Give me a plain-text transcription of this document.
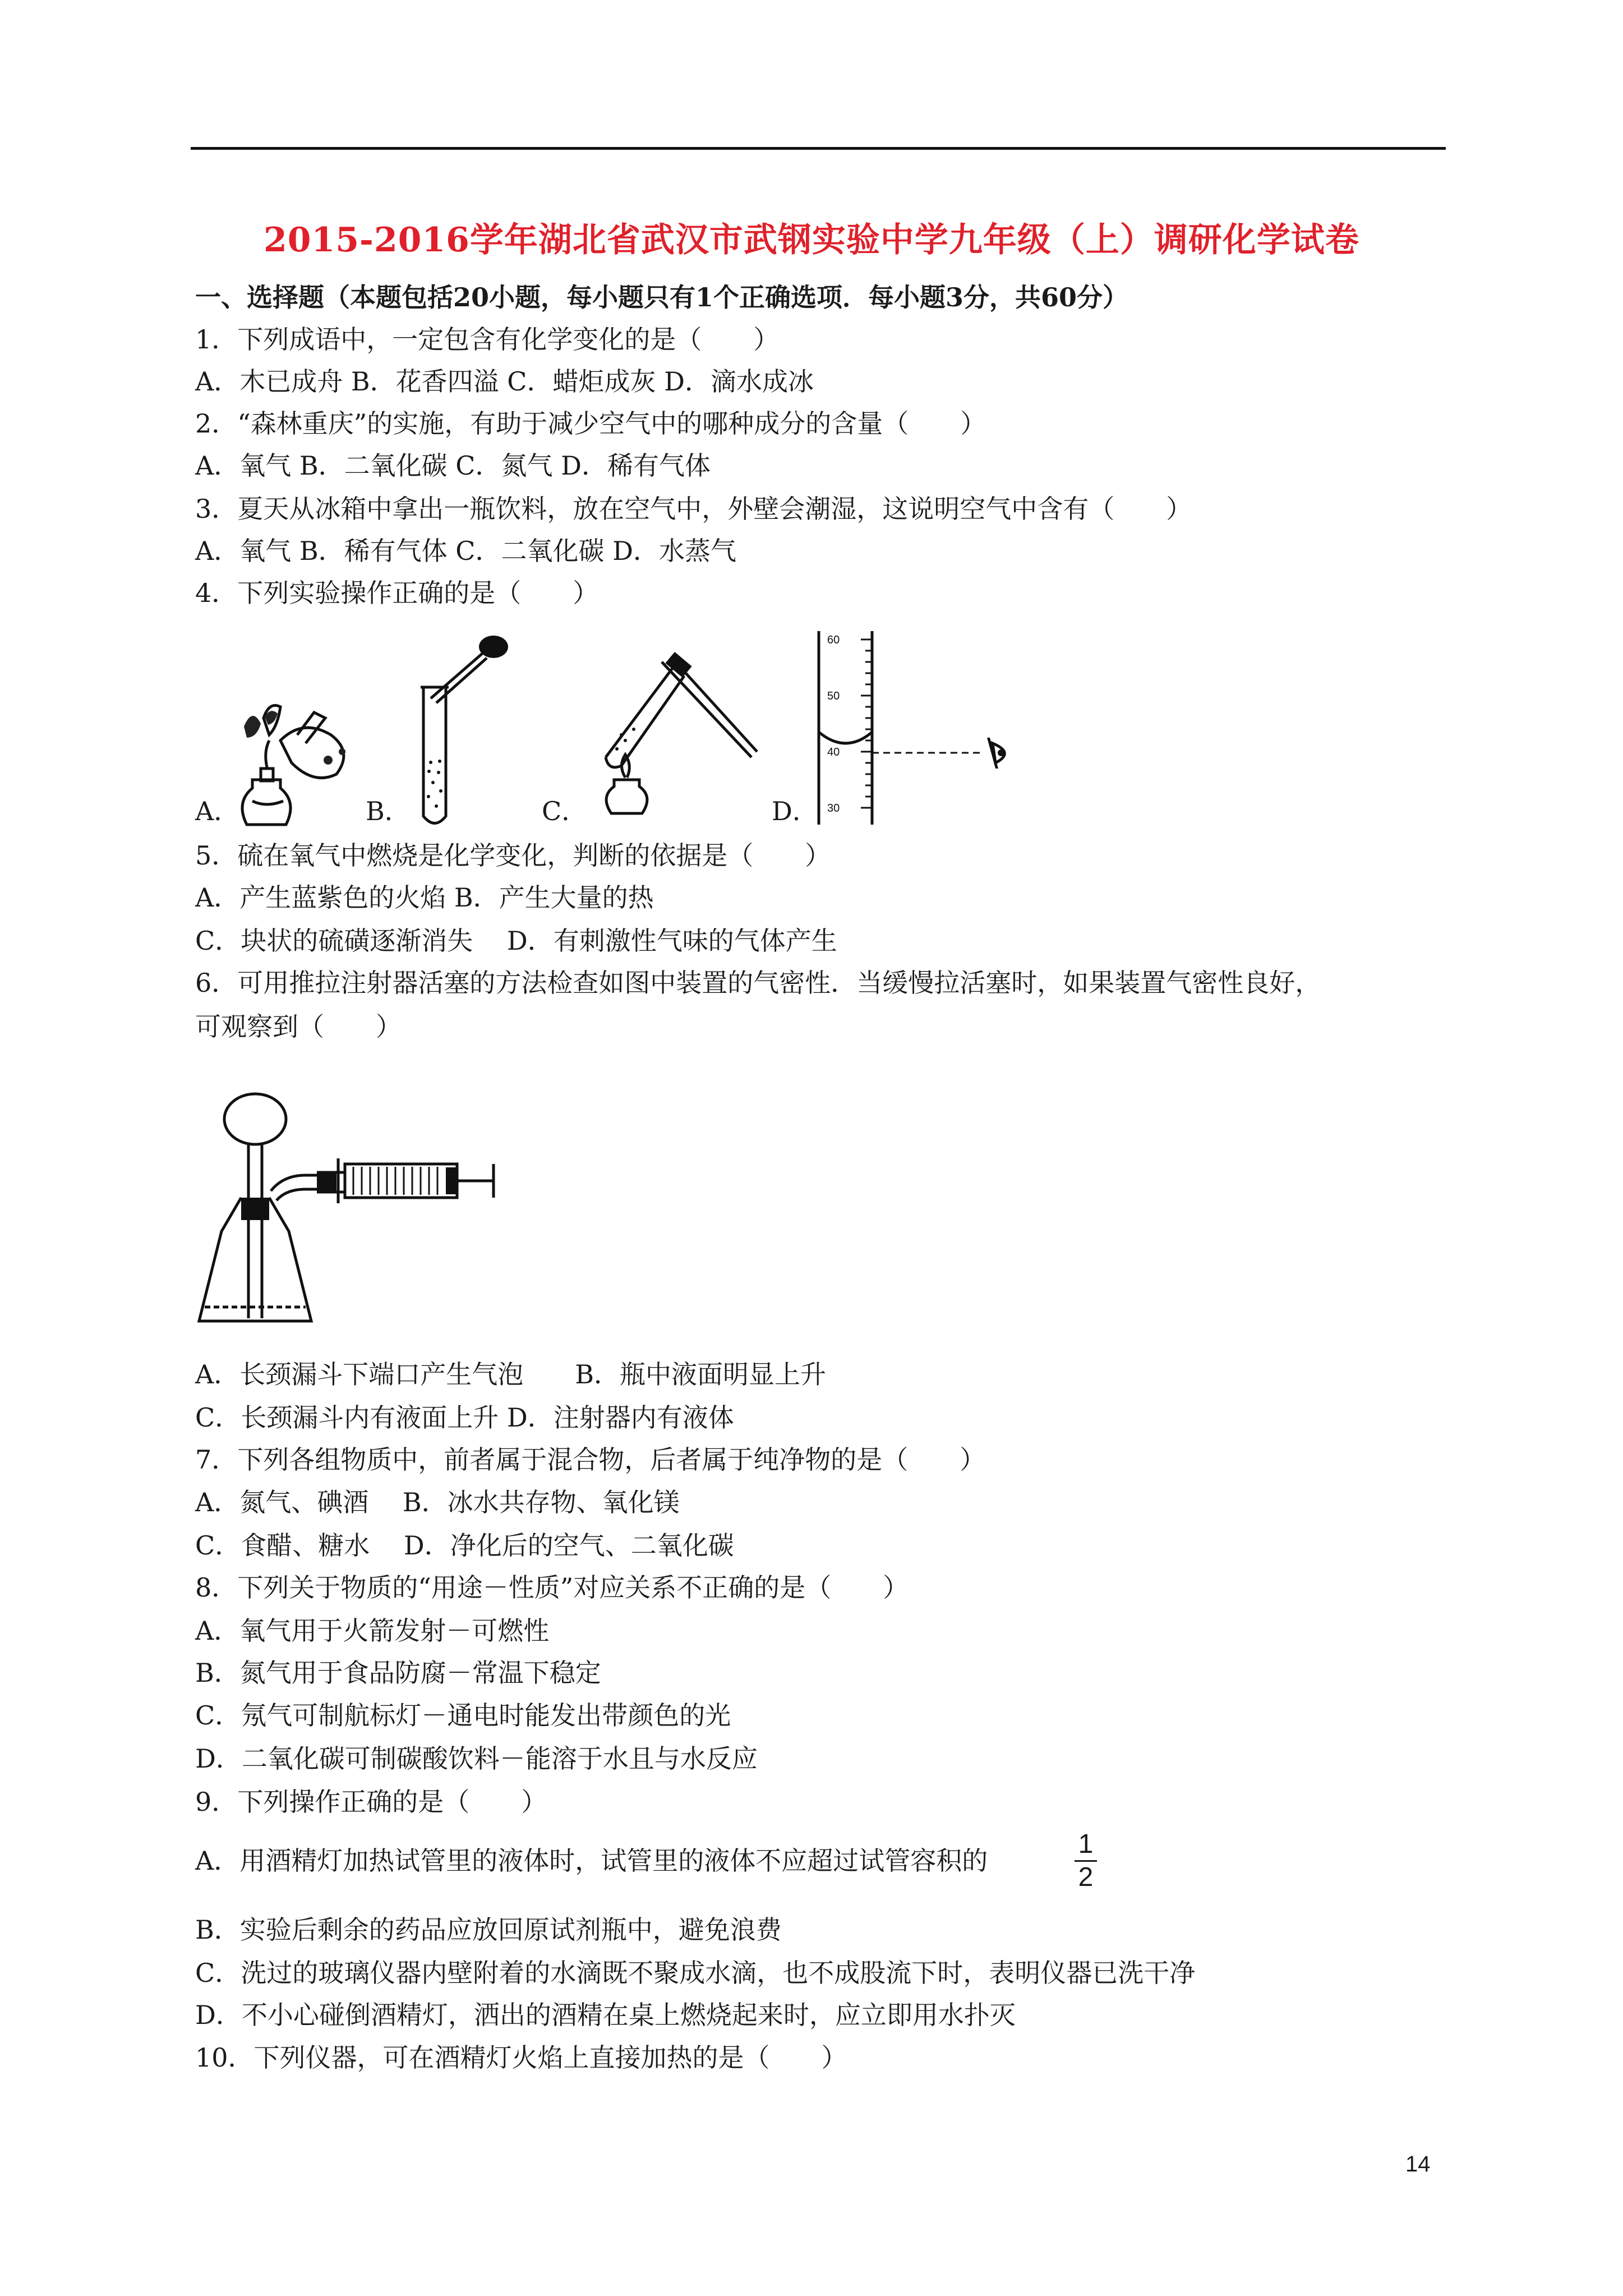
2015-2016学年湖北省武汉市武钢实验中学九年级（上）调研化学试卷
一、选择题（本题包括20小题，每小题只有1个正确选项．每小题3分，共60分）
1．下列成语中，一定包含有化学变化的是（　　）
A．木已成舟 B．花香四溢 C．蜡炬成灰 D．滴水成冰
2．“森林重庆”的实施，有助于减少空气中的哪种成分的含量（　　）
A．氧气 B．二氧化碳 C．氮气 D．稀有气体
3．夏天从冰箱中拿出一瓶饮料，放在空气中，外壁会潮湿，这说明空气中含有（　　）
A．氧气 B．稀有气体 C．二氧化碳 D．水蒸气
4．下列实验操作正确的是（　　）
A．	B．	C．	D．
60
50
40
30
5．硫在氧气中燃烧是化学变化，判断的依据是（　　）
A．产生蓝紫色的火焰 B．产生大量的热
C．块状的硫磺逐渐消失　 D．有刺激性气味的气体产生
6．可用推拉注射器活塞的方法检查如图中装置的气密性．当缓慢拉活塞时，如果装置气密性良好，
可观察到（　　）
A．长颈漏斗下端口产生气泡　　B．瓶中液面明显上升
C．长颈漏斗内有液面上升 D．注射器内有液体
7．下列各组物质中，前者属于混合物，后者属于纯净物的是（　　）
A．氮气、碘酒　 B．冰水共存物、氧化镁
C．食醋、糖水　 D．净化后的空气、二氧化碳
8．下列关于物质的“用途－性质”对应关系不正确的是（　　）
A．氧气用于火箭发射－可燃性
B．氮气用于食品防腐－常温下稳定
C．氖气可制航标灯－通电时能发出带颜色的光
D．二氧化碳可制碳酸饮料－能溶于水且与水反应
9．下列操作正确的是（　　）
A．用酒精灯加热试管里的液体时，试管里的液体不应超过试管容积的
1
2
B．实验后剩余的药品应放回原试剂瓶中，避免浪费
C．洗过的玻璃仪器内壁附着的水滴既不聚成水滴，也不成股流下时，表明仪器已洗干净
D．不小心碰倒酒精灯，洒出的酒精在桌上燃烧起来时，应立即用水扑灭
10．下列仪器，可在酒精灯火焰上直接加热的是（　　）
14
